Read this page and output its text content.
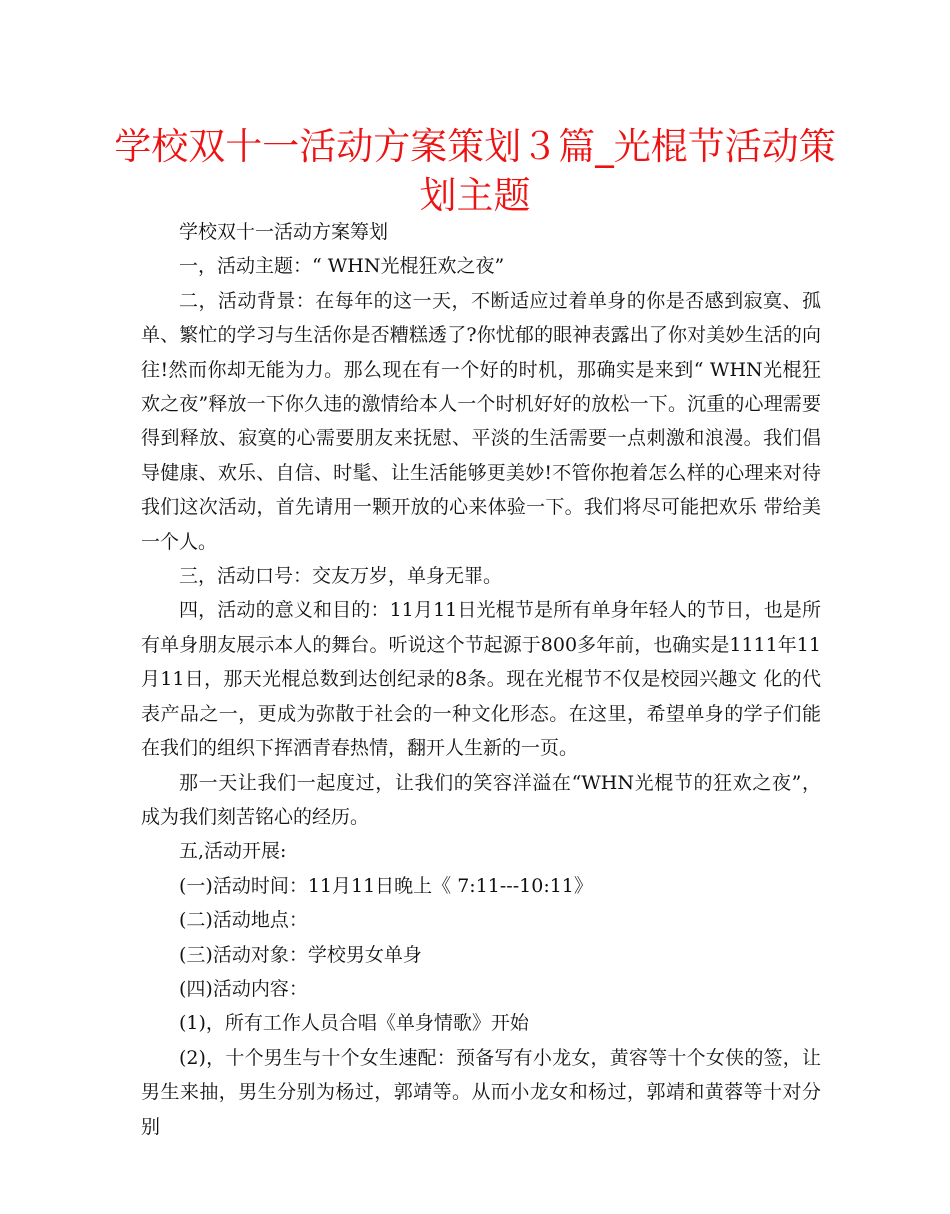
学校双十一活动方案策划３篇_光棍节活动策划主题

学校双十一活动方案筹划

一，活动主题：“ WHN光棍狂欢之夜”

二，活动背景：在每年的这一天，不断适应过着单身的你是否感到寂寞、孤单、繁忙的学习与生活你是否糟糕透了?你忧郁的眼神表露出了你对美妙生活的向往!然而你却无能为力。那么现在有一个好的时机，那确实是来到“ WHN光棍狂欢之夜”释放一下你久违的激情给本人一个时机好好的放松一下。沉重的心理需要得到释放、寂寞的心需要朋友来抚慰、平淡的生活需要一点刺激和浪漫。我们倡导健康、欢乐、自信、时髦、让生活能够更美妙!不管你抱着怎么样的心理来对待我们这次活动，首先请用一颗开放的心来体验一下。我们将尽可能把欢乐 带给美一个人。

三，活动口号：交友万岁，单身无罪。

四，活动的意义和目的：11月11日光棍节是所有单身年轻人的节日，也是所有单身朋友展示本人的舞台。听说这个节起源于800多年前，也确实是1111年11月11日，那天光棍总数到达创纪录的8条。现在光棍节不仅是校园兴趣文 化的代表产品之一，更成为弥散于社会的一种文化形态。在这里，希望单身的学子们能在我们的组织下挥洒青春热情，翻开人生新的一页。

那一天让我们一起度过，让我们的笑容洋溢在“WHN光棍节的狂欢之夜”，成为我们刻苦铭心的经历。

五,活动开展:

(一)活动时间：11月11日晚上《 7:11---10:11》

(二)活动地点：

(三)活动对象：学校男女单身

(四)活动内容：

(1)，所有工作人员合唱《单身情歌》开始

(2)，十个男生与十个女生速配：预备写有小龙女，黄容等十个女侠的签，让男生来抽，男生分别为杨过，郭靖等。从而小龙女和杨过，郭靖和黄蓉等十对分别
